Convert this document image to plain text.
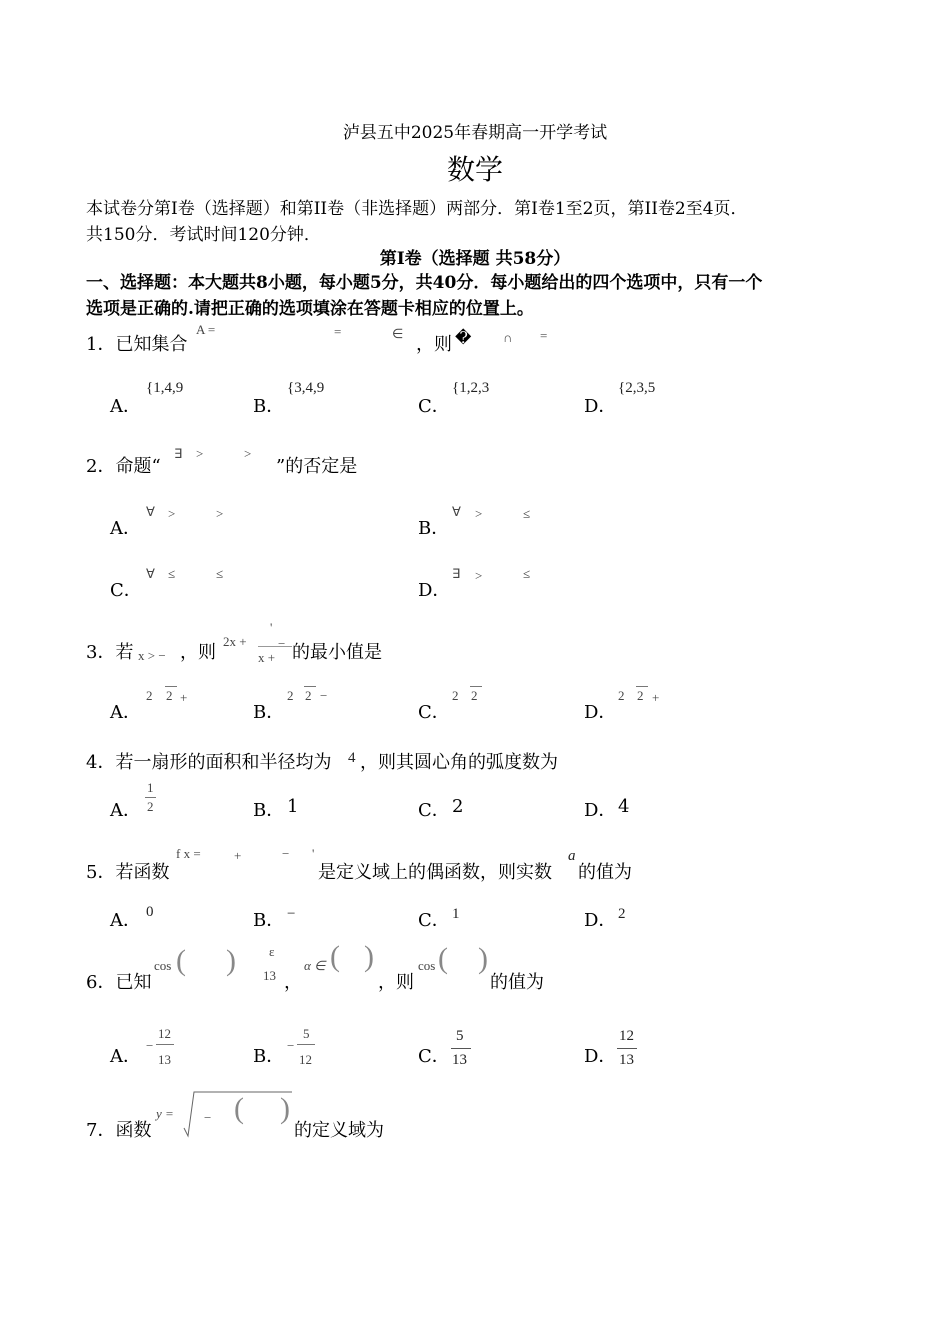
泸县五中2025年春期高一开学考试
数学
本试卷分第I卷（选择题）和第II卷（非选择题）两部分．第I卷1至2页，第II卷2至4页．
共150分．考试时间120分钟．
第I卷（选择题 共58分）
一、选择题：本大题共8小题，每小题5分，共40分．每小题给出的四个选项中，只有一个
选项是正确的.请把正确的选项填涂在答题卡相应的位置上。
1．已知集合
A =	=	∈
，则 � ∩ =
A．
{1,4,9
B．
{3,4,9
C．
{1,2,3
D．
{2,3,5
2．命题“
∃ >	>
”的否定是
A．
∀ >	>
B．
∀ >	≤
C．
∀ ≤	≤
D．
∃ >	≤
3．若 x > − ，则
2x +
'
x +
− 的最小值是
A．
2 2 +
B．
2 2 −
C．
2 2
D．
2 2 +
4．若一扇形的面积和半径均为 4 ，则其圆心角的弧度数为
A．
1
2	B． 1	C． 2	D． 4
5．若函数
f x =	+	− '
是定义域上的偶函数，则实数
a
的值为
A． 0	B． −	C． 1	D． 2
6．已知
cos ( )	ε
13 ，
α ∈ ( )
，则
cos ( )
的值为
A．
−
12
13	B．
−
5
12	C．
5
13	D．
12
13
7．函数
y = − ( )
的定义域为
